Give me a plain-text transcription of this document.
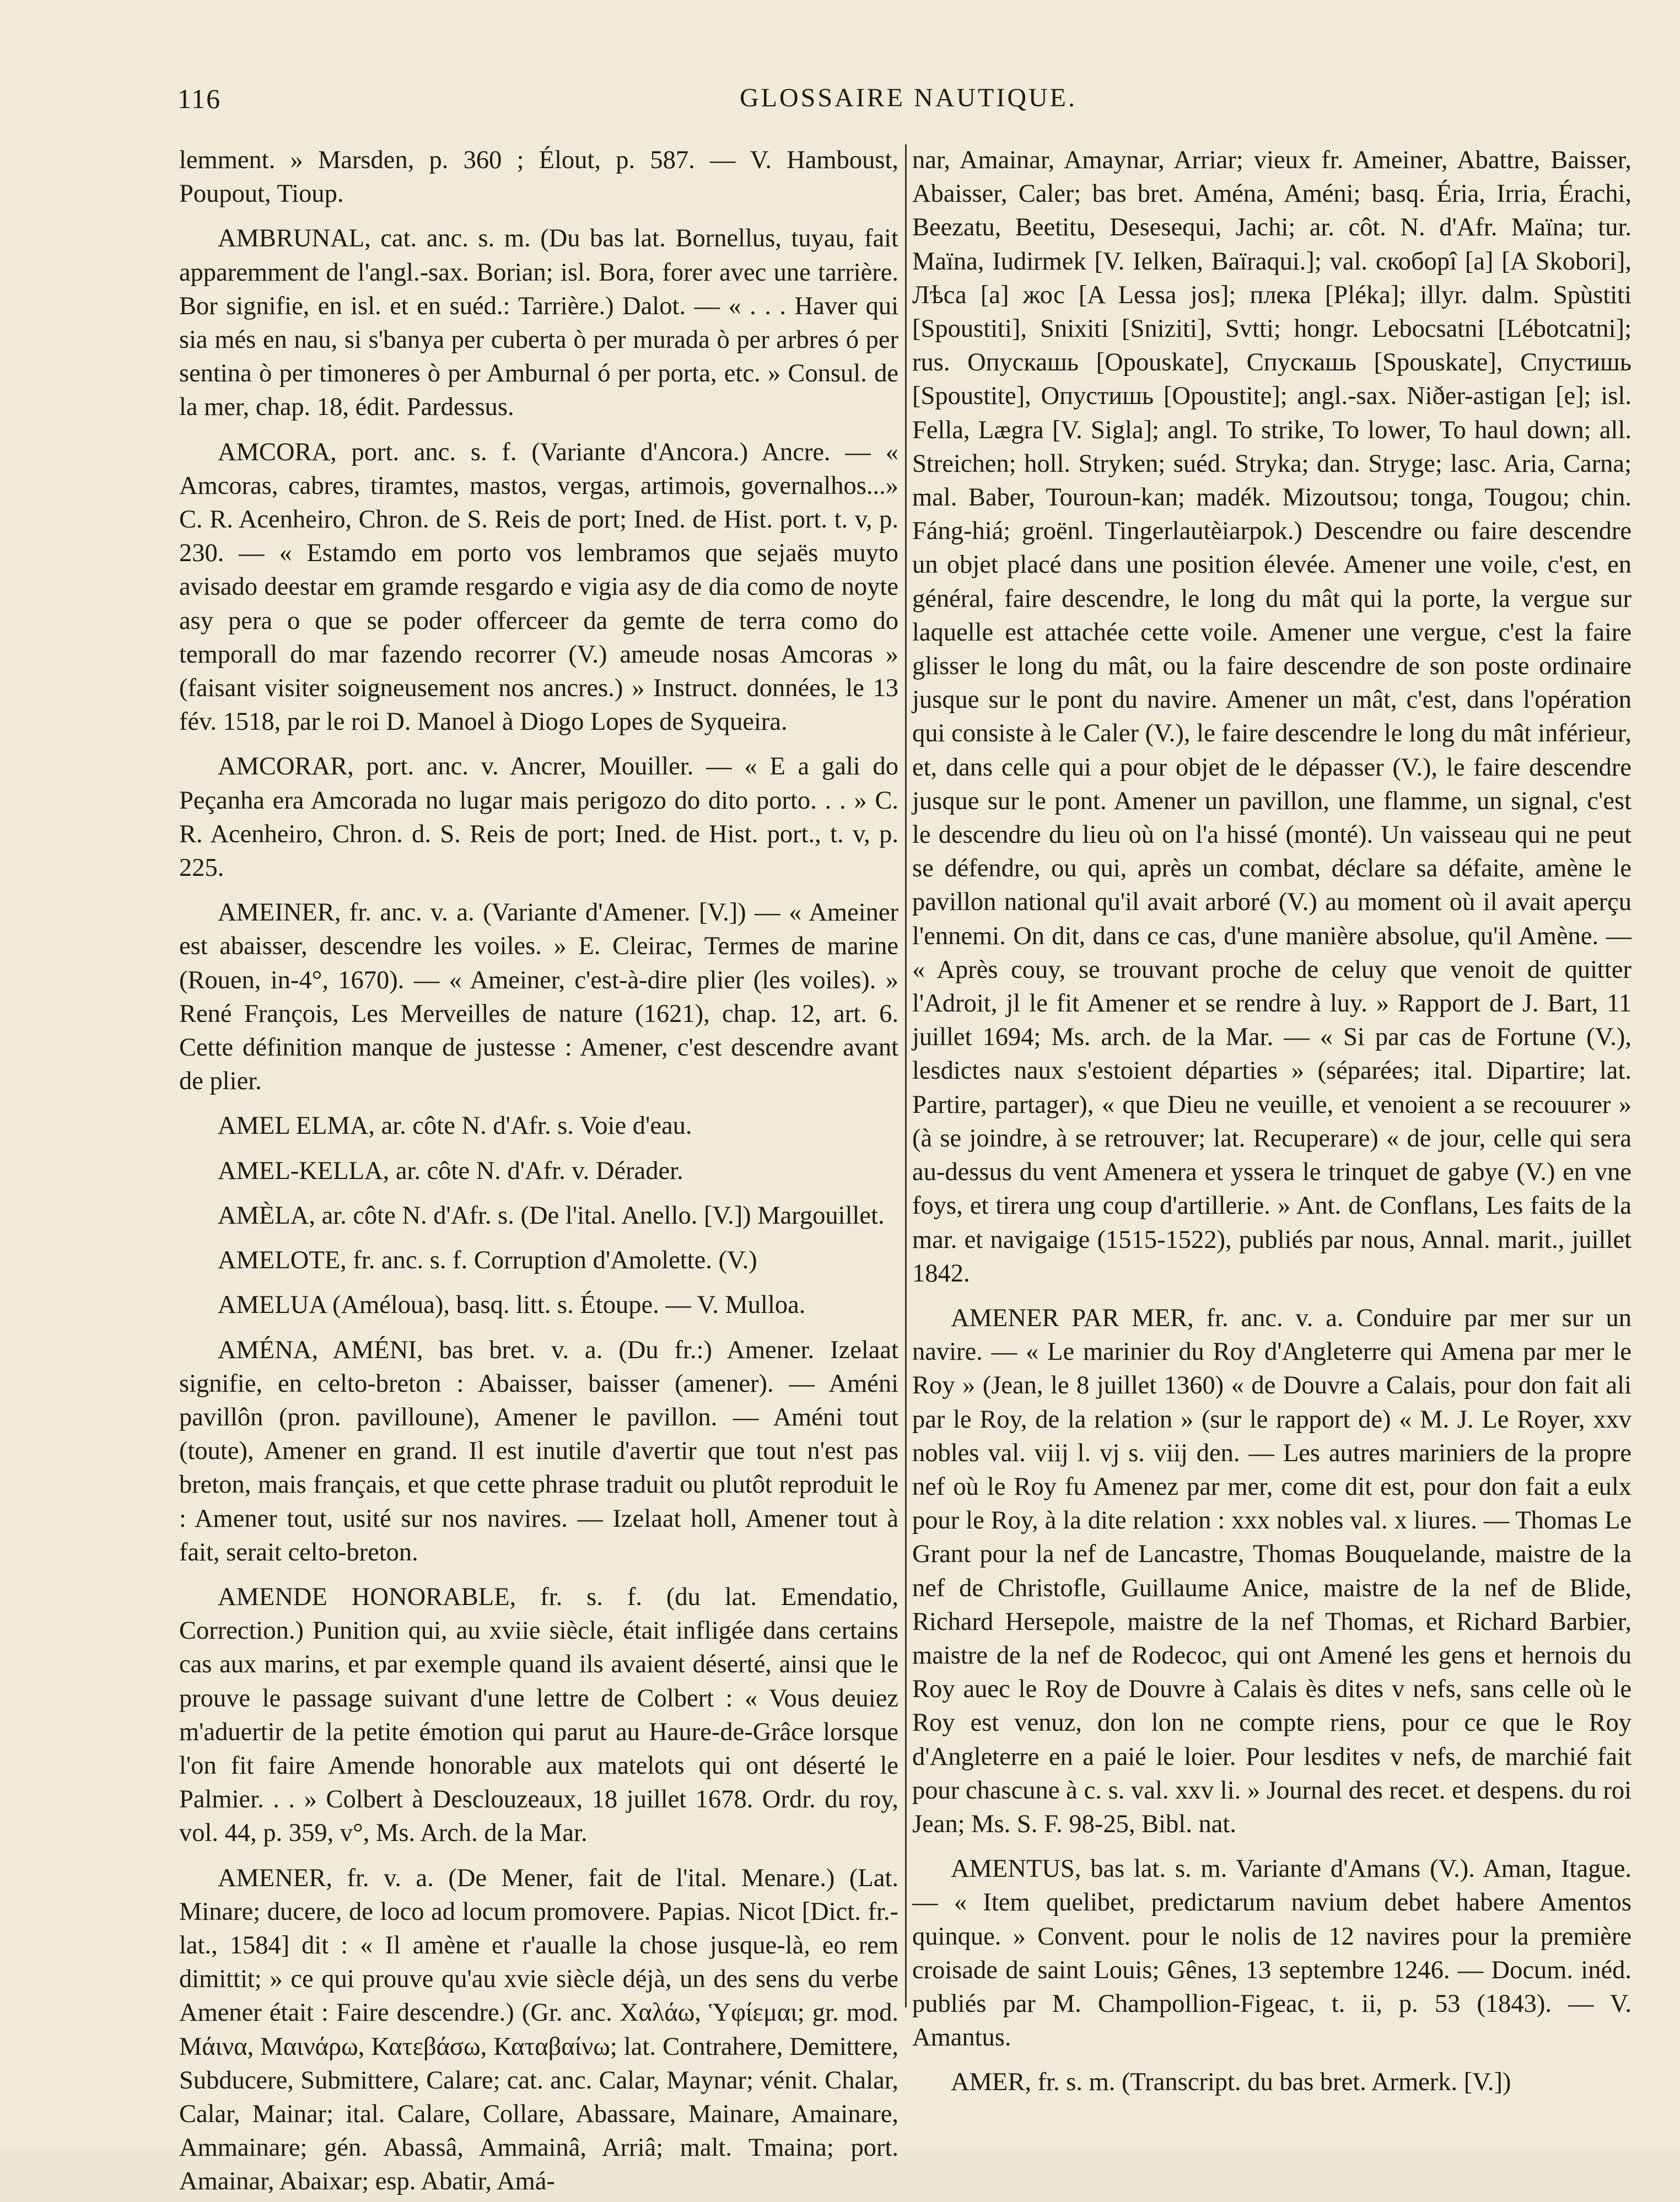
116	GLOSSAIRE NAUTIQUE.

lemment. » Marsden, p. 360 ; Élout, p. 587. — V. Hamboust, Poupout, Tioup.

AMBRUNAL, cat. anc. s. m. (Du bas lat. Bornellus, tuyau, fait apparemment de l'angl.-sax. Borian; isl. Bora, forer avec une tarrière. Bor signifie, en isl. et en suéd.: Tarrière.) Dalot. — « . . . Haver qui sia més en nau, si s'banya per cuberta ò per murada ò per arbres ó per sentina ò per timoneres ò per Amburnal ó per porta, etc. » Consul. de la mer, chap. 18, édit. Pardessus.

AMCORA, port. anc. s. f. (Variante d'Ancora.) Ancre. — « Amcoras, cabres, tiramtes, mastos, vergas, artimois, governalhos...» C. R. Acenheiro, Chron. de S. Reis de port; Ined. de Hist. port. t. v, p. 230. — « Estamdo em porto vos lembramos que sejaës muyto avisado deestar em gramde resgardo e vigia asy de dia como de noyte asy pera o que se poder offerceer da gemte de terra como do temporall do mar fazendo recorrer (V.) ameude nosas Amcoras » (faisant visiter soigneusement nos ancres.) » Instruct. données, le 13 fév. 1518, par le roi D. Manoel à Diogo Lopes de Syqueira.

AMCORAR, port. anc. v. Ancrer, Mouiller. — « E a gali do Peçanha era Amcorada no lugar mais perigozo do dito porto. . . » C. R. Acenheiro, Chron. d. S. Reis de port; Ined. de Hist. port., t. v, p. 225.

AMEINER, fr. anc. v. a. (Variante d'Amener. [V.]) — « Ameiner est abaisser, descendre les voiles. » E. Cleirac, Termes de marine (Rouen, in-4°, 1670). — « Ameiner, c'est-à-dire plier (les voiles). » René François, Les Merveilles de nature (1621), chap. 12, art. 6. Cette définition manque de justesse : Amener, c'est descendre avant de plier.

AMEL ELMA, ar. côte N. d'Afr. s. Voie d'eau.

AMEL-KELLA, ar. côte N. d'Afr. v. Dérader.

AMÈLA, ar. côte N. d'Afr. s. (De l'ital. Anello. [V.]) Margouillet.

AMELOTE, fr. anc. s. f. Corruption d'Amolette. (V.)

AMELUA (Améloua), basq. litt. s. Étoupe. — V. Mulloa.

AMÉNA, AMÉNI, bas bret. v. a. (Du fr.:) Amener. Izelaat signifie, en celto-breton : Abaisser, baisser (amener). — Améni pavillôn (pron. pavilloune), Amener le pavillon. — Améni tout (toute), Amener en grand. Il est inutile d'avertir que tout n'est pas breton, mais français, et que cette phrase traduit ou plutôt reproduit le : Amener tout, usité sur nos navires. — Izelaat holl, Amener tout à fait, serait celto-breton.

AMENDE HONORABLE, fr. s. f. (du lat. Emendatio, Correction.) Punition qui, au xviie siècle, était infligée dans certains cas aux marins, et par exemple quand ils avaient déserté, ainsi que le prouve le passage suivant d'une lettre de Colbert : « Vous deuiez m'aduertir de la petite émotion qui parut au Haure-de-Grâce lorsque l'on fit faire Amende honorable aux matelots qui ont déserté le Palmier. . . » Colbert à Desclouzeaux, 18 juillet 1678. Ordr. du roy, vol. 44, p. 359, v°, Ms. Arch. de la Mar.

AMENER, fr. v. a. (De Mener, fait de l'ital. Menare.) (Lat. Minare; ducere, de loco ad locum promovere. Papias. Nicot [Dict. fr.-lat., 1584] dit : « Il amène et r'aualle la chose jusque-là, eo rem dimittit; » ce qui prouve qu'au xvie siècle déjà, un des sens du verbe Amener était : Faire descendre.) (Gr. anc. Χαλάω, Ὑφίεμαι; gr. mod. Μάινα, Μαινάρω, Κατεβάσω, Καταβαίνω; lat. Contrahere, Demittere, Subducere, Submittere, Calare; cat. anc. Calar, Maynar; vénit. Chalar, Calar, Mainar; ital. Calare, Collare, Abassare, Mainare, Amainare, Ammainare; gén. Abassâ, Ammainâ, Arriâ; malt. Tmaina; port. Amainar, Abaixar; esp. Abatir, Amá-

nar, Amainar, Amaynar, Arriar; vieux fr. Ameiner, Abattre, Baisser, Abaisser, Caler; bas bret. Aména, Améni; basq. Éria, Irria, Érachi, Beezatu, Beetitu, Desesequi, Jachi; ar. côt. N. d'Afr. Maïna; tur. Maïna, Iudirmek [V. Ielken, Baïraqui.]; val. скоборî [a] [A Skobori], Лѣса [a] жос [A Lessa jos]; плека [Pléka]; illyr. dalm. Spùstiti [Spoustiti], Snixiti [Sniziti], Svtti; hongr. Lebocsatni [Lébotcatni]; rus. Опускашь [Opouskate], Спускашь [Spouskate], Спустишь [Spoustite], Опустишь [Opoustite]; angl.-sax. Niðer-astigan [e]; isl. Fella, Lægra [V. Sigla]; angl. To strike, To lower, To haul down; all. Streichen; holl. Stryken; suéd. Stryka; dan. Stryge; lasc. Aria, Carna; mal. Baber, Touroun-kan; madék. Mizoutsou; tonga, Tougou; chin. Fáng-hiá; groënl. Tingerlautèiarpok.) Descendre ou faire descendre un objet placé dans une position élevée. Amener une voile, c'est, en général, faire descendre, le long du mât qui la porte, la vergue sur laquelle est attachée cette voile. Amener une vergue, c'est la faire glisser le long du mât, ou la faire descendre de son poste ordinaire jusque sur le pont du navire. Amener un mât, c'est, dans l'opération qui consiste à le Caler (V.), le faire descendre le long du mât inférieur, et, dans celle qui a pour objet de le dépasser (V.), le faire descendre jusque sur le pont. Amener un pavillon, une flamme, un signal, c'est le descendre du lieu où on l'a hissé (monté). Un vaisseau qui ne peut se défendre, ou qui, après un combat, déclare sa défaite, amène le pavillon national qu'il avait arboré (V.) au moment où il avait aperçu l'ennemi. On dit, dans ce cas, d'une manière absolue, qu'il Amène. — « Après couy, se trouvant proche de celuy que venoit de quitter l'Adroit, jl le fit Amener et se rendre à luy. » Rapport de J. Bart, 11 juillet 1694; Ms. arch. de la Mar. — « Si par cas de Fortune (V.), lesdictes naux s'estoient départies » (séparées; ital. Dipartire; lat. Partire, partager), « que Dieu ne veuille, et venoient a se recouurer » (à se joindre, à se retrouver; lat. Recuperare) « de jour, celle qui sera au-dessus du vent Amenera et yssera le trinquet de gabye (V.) en vne foys, et tirera ung coup d'artillerie. » Ant. de Conflans, Les faits de la mar. et navigaige (1515-1522), publiés par nous, Annal. marit., juillet 1842.

AMENER PAR MER, fr. anc. v. a. Conduire par mer sur un navire. — « Le marinier du Roy d'Angleterre qui Amena par mer le Roy » (Jean, le 8 juillet 1360) « de Douvre a Calais, pour don fait ali par le Roy, de la relation » (sur le rapport de) « M. J. Le Royer, xxv nobles val. viij l. vj s. viij den. — Les autres mariniers de la propre nef où le Roy fu Amenez par mer, come dit est, pour don fait a eulx pour le Roy, à la dite relation : xxx nobles val. x liures. — Thomas Le Grant pour la nef de Lancastre, Thomas Bouquelande, maistre de la nef de Christofle, Guillaume Anice, maistre de la nef de Blide, Richard Hersepole, maistre de la nef Thomas, et Richard Barbier, maistre de la nef de Rodecoc, qui ont Amené les gens et hernois du Roy auec le Roy de Douvre à Calais ès dites v nefs, sans celle où le Roy est venuz, don lon ne compte riens, pour ce que le Roy d'Angleterre en a paié le loier. Pour lesdites v nefs, de marchié fait pour chascune à c. s. val. xxv li. » Journal des recet. et despens. du roi Jean; Ms. S. F. 98-25, Bibl. nat.

AMENTUS, bas lat. s. m. Variante d'Amans (V.). Aman, Itague. — « Item quelibet, predictarum navium debet habere Amentos quinque. » Convent. pour le nolis de 12 navires pour la première croisade de saint Louis; Gênes, 13 septembre 1246. — Docum. inéd. publiés par M. Champollion-Figeac, t. ii, p. 53 (1843). — V. Amantus.

AMER, fr. s. m. (Transcript. du bas bret. Armerk. [V.])
